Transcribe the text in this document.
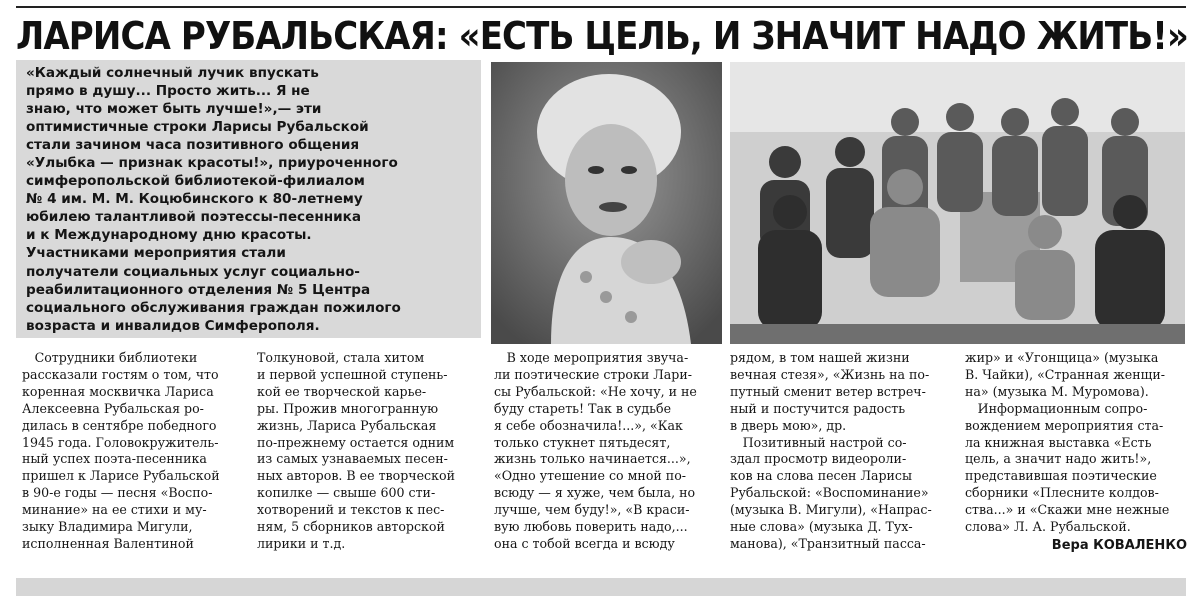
ЛАРИСА РУБАЛЬСКАЯ: «ЕСТЬ ЦЕЛЬ, И ЗНАЧИТ НАДО ЖИТЬ!»
«Каждый солнечный лучик впускать
прямо в душу... Просто жить... Я не
знаю, что может быть лучше!»,— эти
оптимистичные строки Ларисы Рубальской
стали зачином часа позитивного общения
«Улыбка — признак красоты!», приуроченного
симферопольской библиотекой-филиалом
№ 4 им. М. М. Коцюбинского к 80-летнему
юбилею талантливой поэтессы-песенника
и к Международному дню красоты.
Участниками мероприятия стали
получатели социальных услуг социально-
реабилитационного отделения № 5 Центра
социального обслуживания граждан пожилого
возраста и инвалидов Симферополя.

 Сотрудники библиотеки

рассказали гостям о том, что

коренная москвичка Лариса

Алексеевна Рубальская ро-

дилась в сентябре победного

1945 года. Головокружитель-

ный успех поэта-песенника

пришел к Ларисе Рубальской

в 90-е годы — песня «Воспо-

минание» на ее стихи и му-

зыку Владимира Мигули,

исполненная Валентиной

Толкуновой, стала хитом

и первой успешной ступень-

кой ее творческой карье-

ры. Прожив многогранную

жизнь, Лариса Рубальская

по-прежнему остается одним

из самых узнаваемых песен-

ных авторов. В ее творческой

копилке — свыше 600 сти-

хотворений и текстов к пес-

ням, 5 сборников авторской

лирики и т.д.

 В ходе мероприятия звуча-

ли поэтические строки Лари-

сы Рубальской: «Не хочу, и не

буду стареть! Так в судьбе

я себе обозначила!...», «Как

только стукнет пятьдесят,

жизнь только начинается...»,

«Одно утешение со мной по-

всюду — я хуже, чем была, но

лучше, чем буду!», «В краси-

вую любовь поверить надо,...

она с тобой всегда и всюду

рядом, в том нашей жизни

вечная стезя», «Жизнь на по-

путный сменит ветер встреч-

ный и постучится радость

в дверь мою», др.

 Позитивный настрой со-

здал просмотр видеороли-

ков на слова песен Ларисы

Рубальской: «Воспоминание»

(музыка В. Мигули), «Напрас-

ные слова» (музыка Д. Тух-

манова), «Транзитный пасса-

жир» и «Угонщица» (музыка

В. Чайки), «Странная женщи-

на» (музыка М. Муромова).

 Информационным сопро-

вождением мероприятия ста-

ла книжная выставка «Есть

цель, а значит надо жить!»,

представившая поэтические

сборники «Плесните колдов-

ства...» и «Скажи мне нежные

слова» Л. А. Рубальской.

Вера КОВАЛЕНКО
